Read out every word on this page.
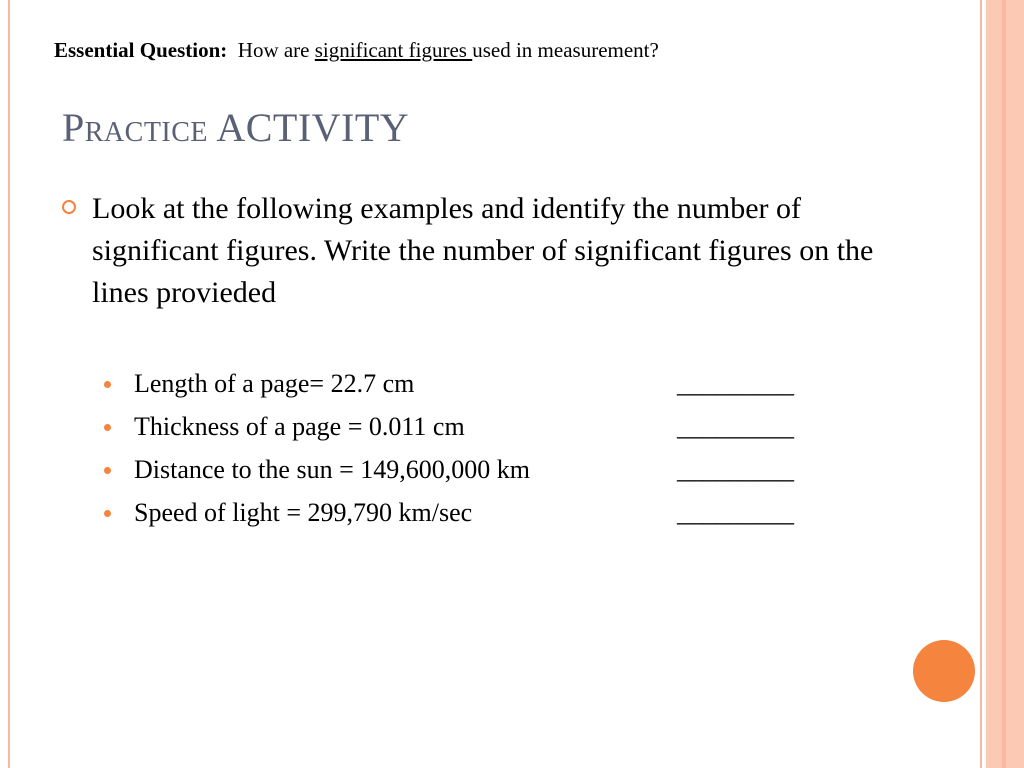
Essential Question: How are significant figures used in measurement?
Practice ACTIVITY
Look at the following examples and identify the number of significant figures. Write the number of significant figures on the lines provieded
Length of a page= 22.7 cm	_________
Thickness of a page = 0.011 cm	_________
Distance to the sun = 149,600,000 km	_________
Speed of light = 299,790 km/sec	_________
